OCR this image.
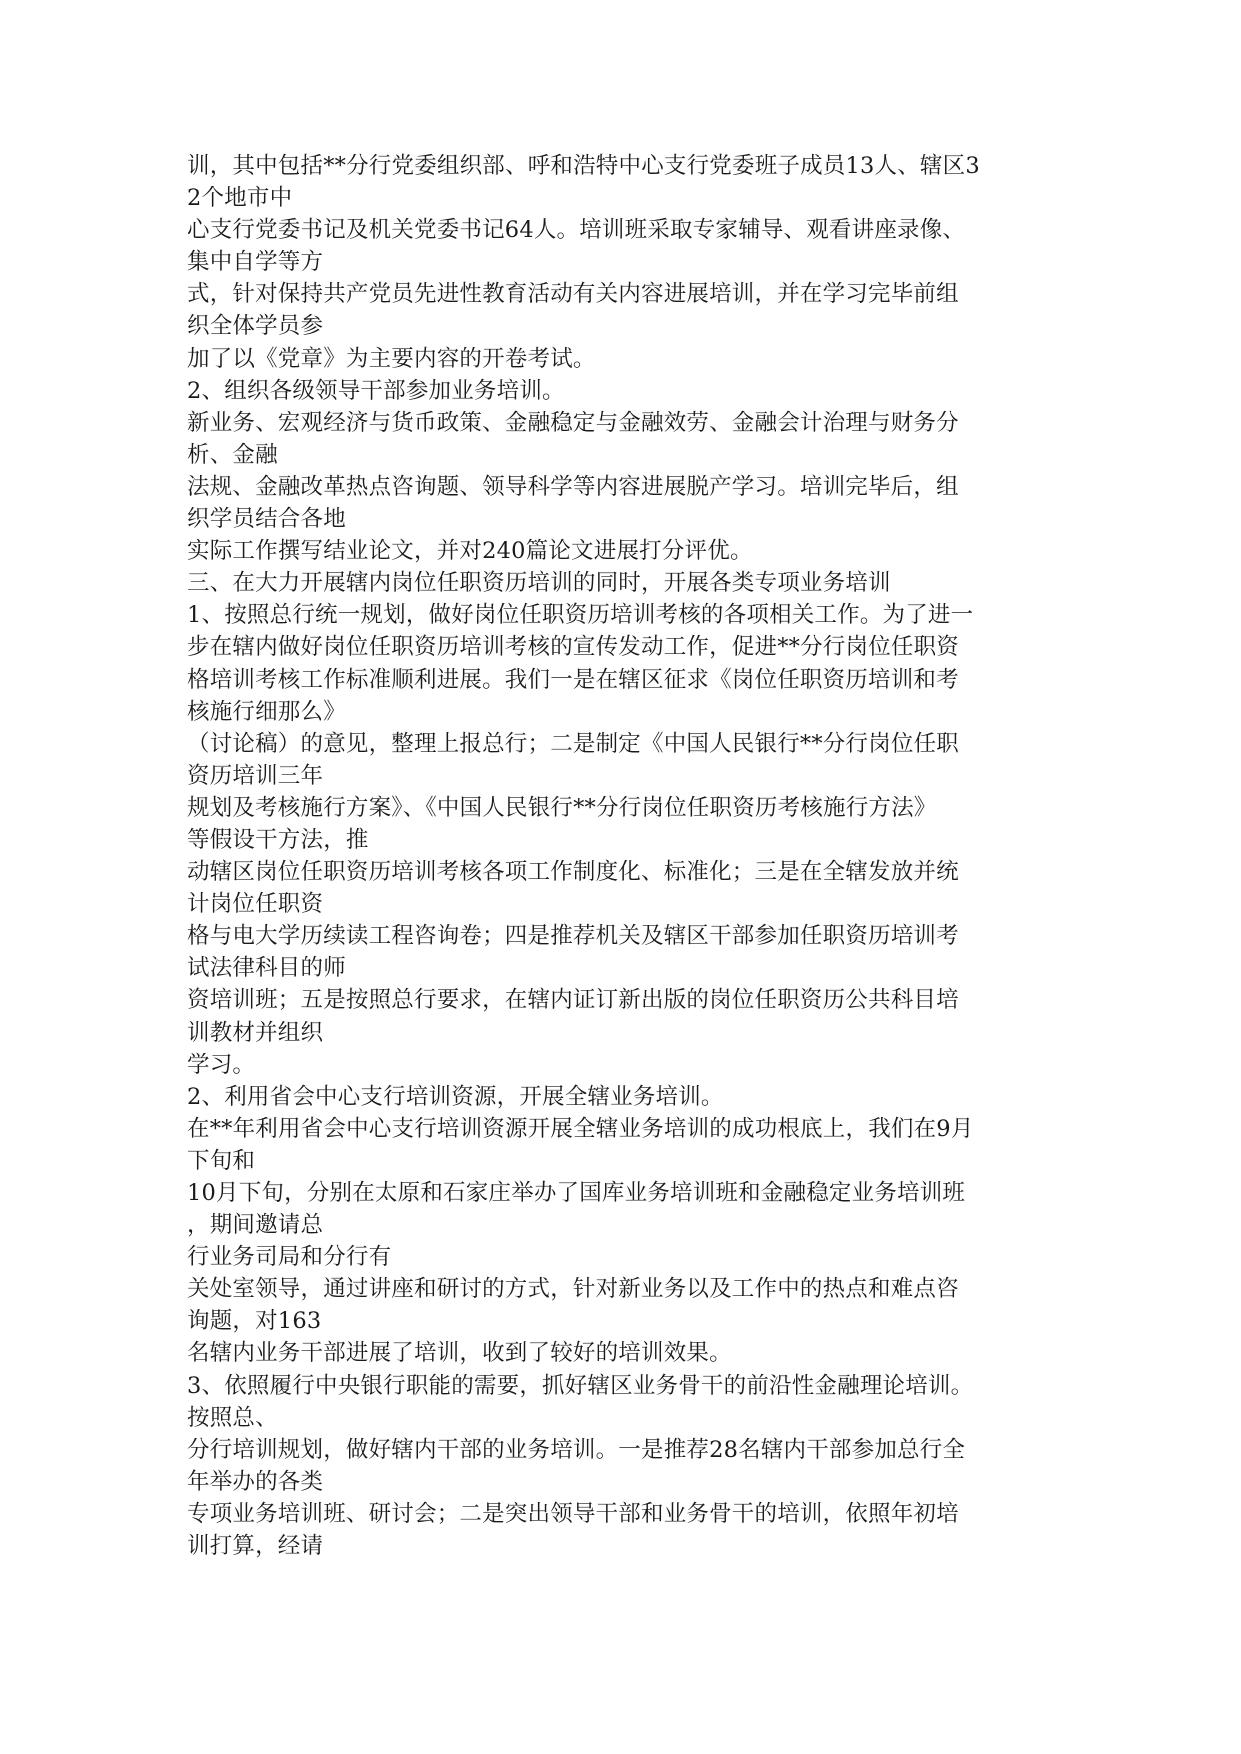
训，其中包括**分行党委组织部、呼和浩特中心支行党委班子成员13人、辖区3
2个地市中
心支行党委书记及机关党委书记64人。培训班采取专家辅导、观看讲座录像、
集中自学等方
式，针对保持共产党员先进性教育活动有关内容进展培训，并在学习完毕前组
织全体学员参
加了以《党章》为主要内容的开卷考试。
2、组织各级领导干部参加业务培训。
新业务、宏观经济与货币政策、金融稳定与金融效劳、金融会计治理与财务分
析、金融
法规、金融改革热点咨询题、领导科学等内容进展脱产学习。培训完毕后，组
织学员结合各地
实际工作撰写结业论文，并对240篇论文进展打分评优。
三、在大力开展辖内岗位任职资历培训的同时，开展各类专项业务培训
1、按照总行统一规划，做好岗位任职资历培训考核的各项相关工作。为了进一
步在辖内做好岗位任职资历培训考核的宣传发动工作，促进**分行岗位任职资
格培训考核工作标准顺利进展。我们一是在辖区征求《岗位任职资历培训和考
核施行细那么》
（讨论稿）的意见，整理上报总行；二是制定《中国人民银行**分行岗位任职
资历培训三年
规划及考核施行方案》、《中国人民银行**分行岗位任职资历考核施行方法》
等假设干方法，推
动辖区岗位任职资历培训考核各项工作制度化、标准化；三是在全辖发放并统
计岗位任职资
格与电大学历续读工程咨询卷；四是推荐机关及辖区干部参加任职资历培训考
试法律科目的师
资培训班；五是按照总行要求，在辖内证订新出版的岗位任职资历公共科目培
训教材并组织
学习。
2、利用省会中心支行培训资源，开展全辖业务培训。
在**年利用省会中心支行培训资源开展全辖业务培训的成功根底上，我们在9月
下旬和
10月下旬，分别在太原和石家庄举办了国库业务培训班和金融稳定业务培训班
，期间邀请总
行业务司局和分行有
关处室领导，通过讲座和研讨的方式，针对新业务以及工作中的热点和难点咨
询题，对163
名辖内业务干部进展了培训，收到了较好的培训效果。
3、依照履行中央银行职能的需要，抓好辖区业务骨干的前沿性金融理论培训。
按照总、
分行培训规划，做好辖内干部的业务培训。一是推荐28名辖内干部参加总行全
年举办的各类
专项业务培训班、研讨会；二是突出领导干部和业务骨干的培训，依照年初培
训打算，经请
